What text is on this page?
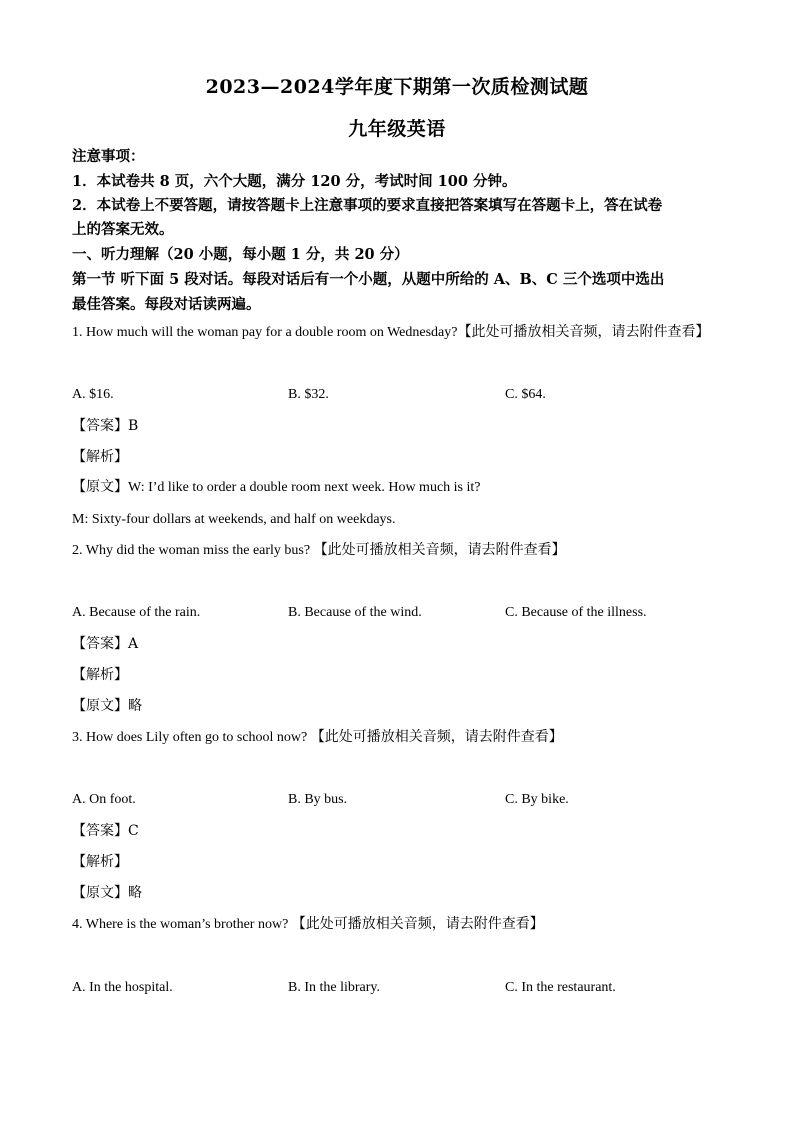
2023—2024学年度下期第一次质检测试题
九年级英语
注意事项：
1．本试卷共 8 页，六个大题，满分 120 分，考试时间 100 分钟。
2．本试卷上不要答题，请按答题卡上注意事项的要求直接把答案填写在答题卡上，答在试卷
上的答案无效。
一、听力理解（20 小题，每小题 1 分，共 20 分）
第一节 听下面 5 段对话。每段对话后有一个小题，从题中所给的 A、B、C 三个选项中选出
最佳答案。每段对话读两遍。
1. How much will the woman pay for a double room on Wednesday?【此处可播放相关音频，请去附件查看】
A. $16.	B. $32.	C. $64.
【答案】B
【解析】
【原文】W: I’d like to order a double room next week. How much is it?
M: Sixty-four dollars at weekends, and half on weekdays.
2. Why did the woman miss the early bus? 【此处可播放相关音频，请去附件查看】
A. Because of the rain.	B. Because of the wind.	C. Because of the illness.
【答案】A
【解析】
【原文】略
3. How does Lily often go to school now? 【此处可播放相关音频，请去附件查看】
A. On foot.	B. By bus.	C. By bike.
【答案】C
【解析】
【原文】略
4. Where is the woman’s brother now? 【此处可播放相关音频，请去附件查看】
A. In the hospital.	B. In the library.	C. In the restaurant.
